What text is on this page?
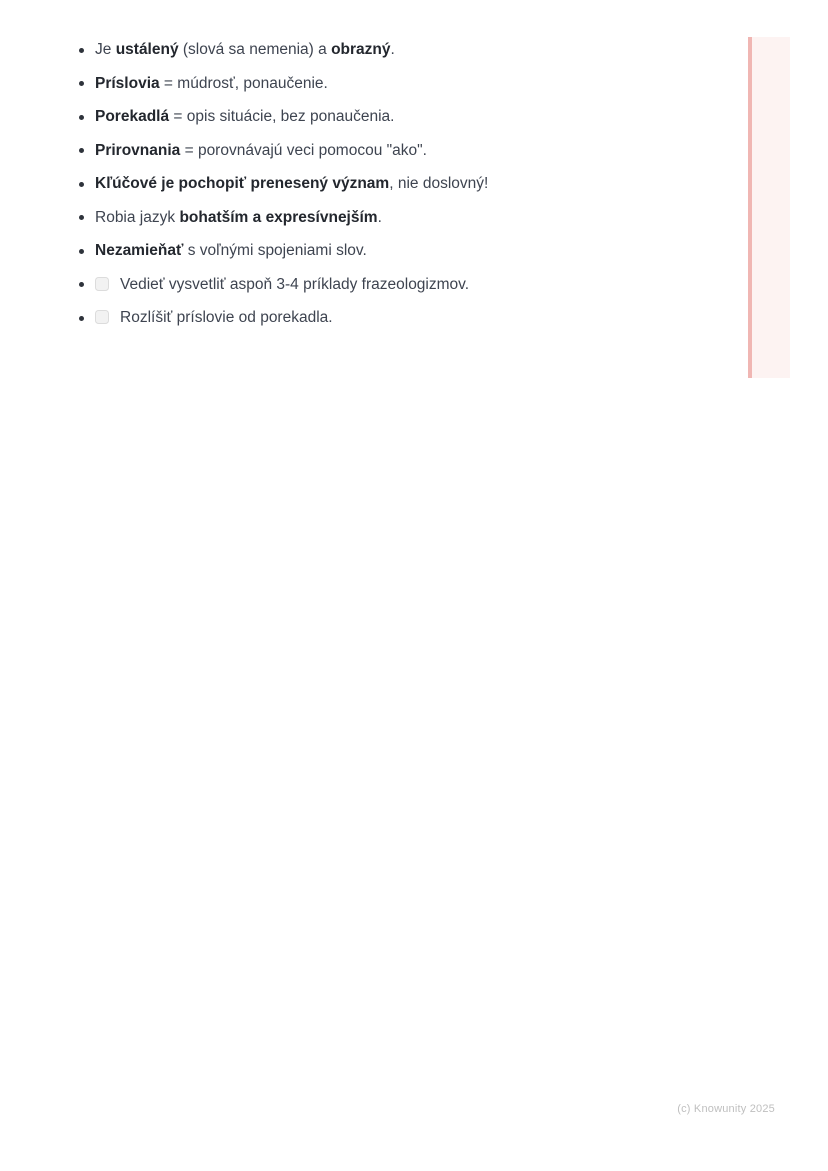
Je ustálený (slová sa nemenia) a obrazný.
Príslovia = múdrosť, ponaučenie.
Porekadlá = opis situácie, bez ponaučenia.
Prirovnania = porovnávajú veci pomocou "ako".
Kľúčové je pochopiť prenesený význam, nie doslovný!
Robia jazyk bohatším a expresívnejším.
Nezamieňať s voľnými spojeniami slov.
Vedieť vysvetliť aspoň 3-4 príklady frazeologizmov.
Rozlíšiť príslovie od porekadla.
(c) Knowunity 2025
